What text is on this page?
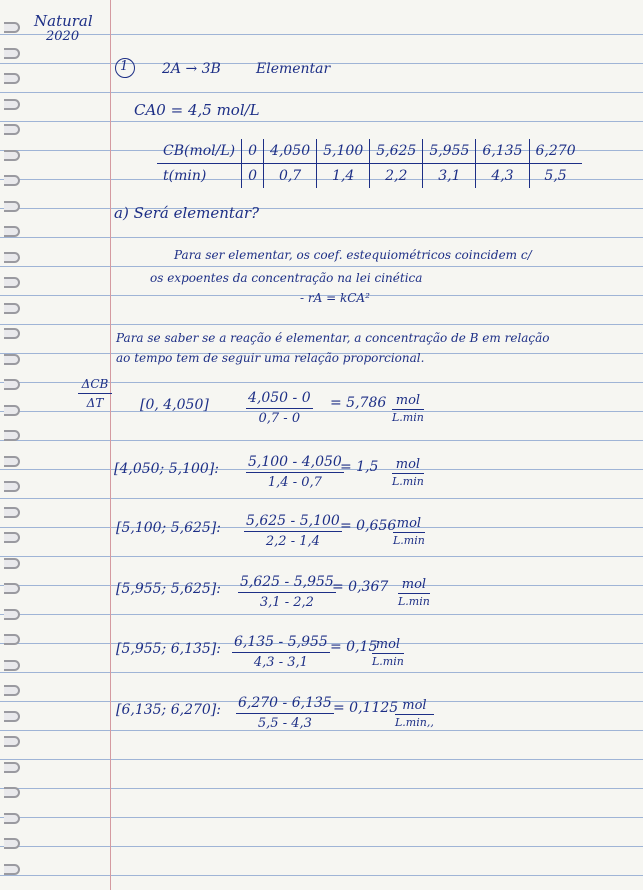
Natural
2020
1 2A → 3B	Elementar
CA0 = 4,5 mol/L
CB(mol/L)	0	4,050	5,100	5,625	5,955	6,135	6,270
t(min)	0	0,7	1,4	2,2	3,1	4,3	5,5
a) Será elementar?
Para ser elementar, os coef. estequiométricos coincidem c/
os expoentes da concentração na lei cinética
- rA = kCA²
Para se saber se a reação é elementar, a concentração de B em relação
ao tempo tem de seguir uma relação proporcional.
ΔCB
ΔT	[0, 4,050]	$\frac{4,050 - 0}{0,7 - 0} = 5,786$ mol
L.min
[4,050; 5,100]: $\frac{5,100 - 4,050}{1,4 - 0,7}$
= 1,5 mol
L.min
[5,100; 5,625]: $\frac{5,625 - 5,100}{2,2 - 1,4}$
= 0,656 mol
L.min
[5,955; 5,625]: $\frac{5,625 - 5,955}{3,1 - 2,2}$
= 0,367 mol
L.min
[5,955; 6,135]: $\frac{6,135 - 5,955}{4,3 - 3,1} = 0,15$
mol
L.min
[6,135; 6,270]: $\frac{6,270 - 6,135}{5,5 - 4,3} = 0,1125$ mol
L.min,,
